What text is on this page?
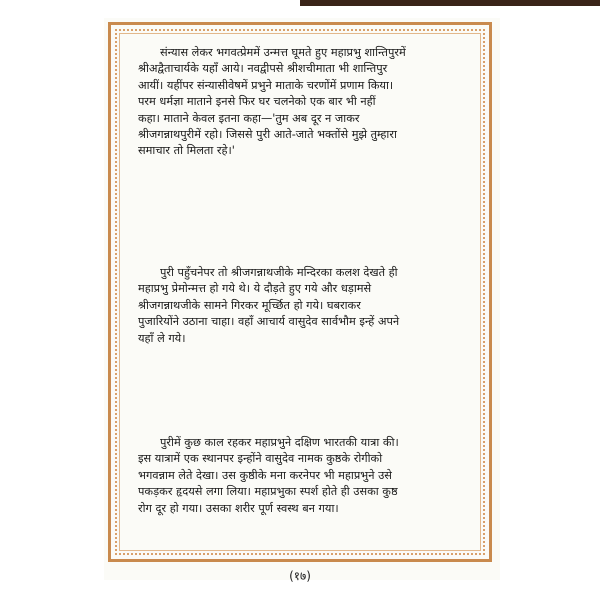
संन्यास लेकर भगवत्प्रेममें उन्मत्त घूमते हुए महाप्रभु शान्तिपुरमें
श्रीअद्वैताचार्यके यहाँ आये। नवद्वीपसे श्रीशचीमाता भी शान्तिपुर
आयीं। यहींपर संन्यासीवेषमें प्रभुने माताके चरणोंमें प्रणाम किया।
परम धर्मज्ञा माताने इनसे फिर घर चलनेको एक बार भी नहीं
कहा। माताने केवल इतना कहा—'तुम अब दूर न जाकर
श्रीजगन्नाथपुरीमें रहो। जिससे पुरी आते-जाते भक्तोंसे मुझे तुम्हारा
समाचार तो मिलता रहे।'

पुरी पहुँचनेपर तो श्रीजगन्नाथजीके मन्दिरका कलश देखते ही
महाप्रभु प्रेमोन्मत्त हो गये थे। ये दौड़ते हुए गये और धड़ामसे
श्रीजगन्नाथजीके सामने गिरकर मूर्च्छित हो गये। घबराकर
पुजारियोंने उठाना चाहा। वहाँ आचार्य वासुदेव सार्वभौम इन्हें अपने
यहाँ ले गये।

पुरीमें कुछ काल रहकर महाप्रभुने दक्षिण भारतकी यात्रा की।
इस यात्रामें एक स्थानपर इन्होंने वासुदेव नामक कुष्ठके रोगीको
भगवन्नाम लेते देखा। उस कुष्ठीके मना करनेपर भी महाप्रभुने उसे
पकड़कर हृदयसे लगा लिया। महाप्रभुका स्पर्श होते ही उसका कुष्ठ
रोग दूर हो गया। उसका शरीर पूर्ण स्वस्थ बन गया।

(१७)
